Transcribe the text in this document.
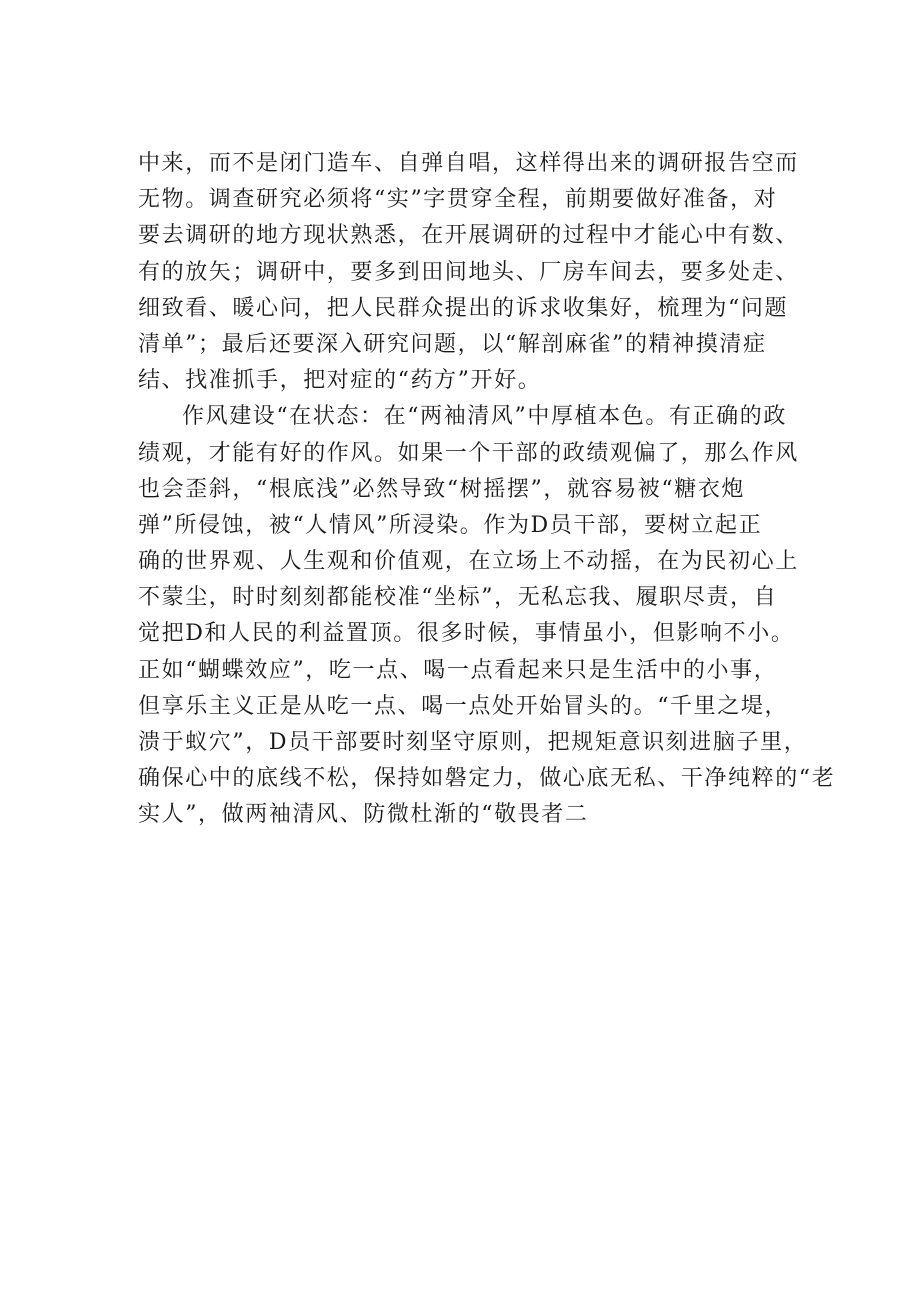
中来，而不是闭门造车、自弹自唱，这样得出来的调研报告空而
无物。调查研究必须将“实”字贯穿全程，前期要做好准备，对
要去调研的地方现状熟悉，在开展调研的过程中才能心中有数、
有的放矢；调研中，要多到田间地头、厂房车间去，要多处走、
细致看、暖心问，把人民群众提出的诉求收集好，梳理为“问题
清单”；最后还要深入研究问题，以“解剖麻雀”的精神摸清症
结、找准抓手，把对症的“药方”开好。
作风建设“在状态：在“两袖清风”中厚植本色。有正确的政
绩观，才能有好的作风。如果一个干部的政绩观偏了，那么作风
也会歪斜，“根底浅”必然导致“树摇摆”，就容易被“糖衣炮
弹”所侵蚀，被“人情风”所浸染。作为D员干部，要树立起正
确的世界观、人生观和价值观，在立场上不动摇，在为民初心上
不蒙尘，时时刻刻都能校准“坐标”，无私忘我、履职尽责，自
觉把D和人民的利益置顶。很多时候，事情虽小，但影响不小。
正如“蝴蝶效应”，吃一点、喝一点看起来只是生活中的小事，
但享乐主义正是从吃一点、喝一点处开始冒头的。“千里之堤，
溃于蚁穴”，D员干部要时刻坚守原则，把规矩意识刻进脑子里，
确保心中的底线不松，保持如磐定力，做心底无私、干净纯粹的“老
实人”，做两袖清风、防微杜渐的“敬畏者二
